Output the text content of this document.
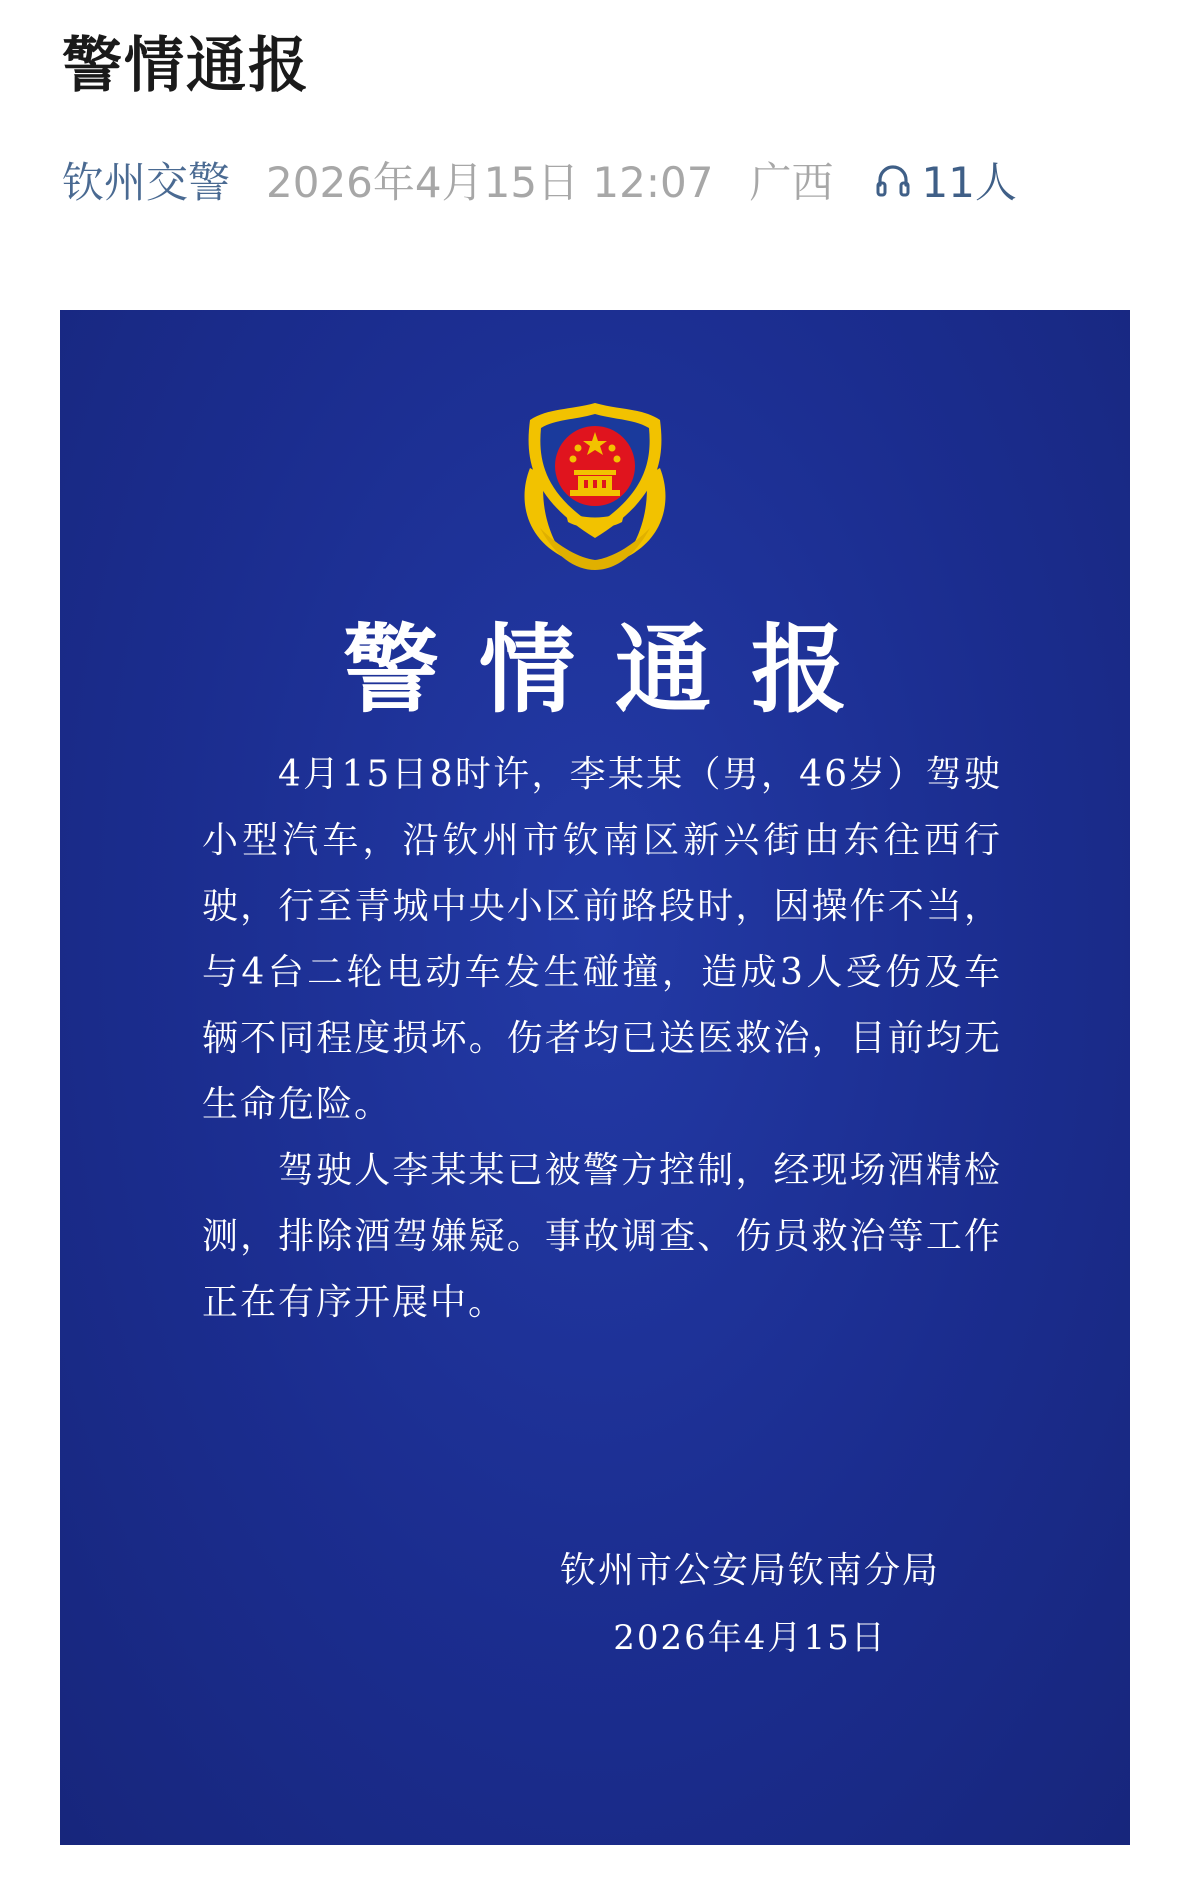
警情通报
钦州交警 2026年4月15日 12:07 广西 11人
警情通报

4月15日8时许，李某某（男，46岁）驾驶小型汽车，沿钦州市钦南区新兴街由东往西行驶，行至青城中央小区前路段时，因操作不当，与4台二轮电动车发生碰撞，造成3人受伤及车辆不同程度损坏。伤者均已送医救治，目前均无生命危险。

驾驶人李某某已被警方控制，经现场酒精检测，排除酒驾嫌疑。事故调查、伤员救治等工作正在有序开展中。

钦州市公安局钦南分局
2026年4月15日
